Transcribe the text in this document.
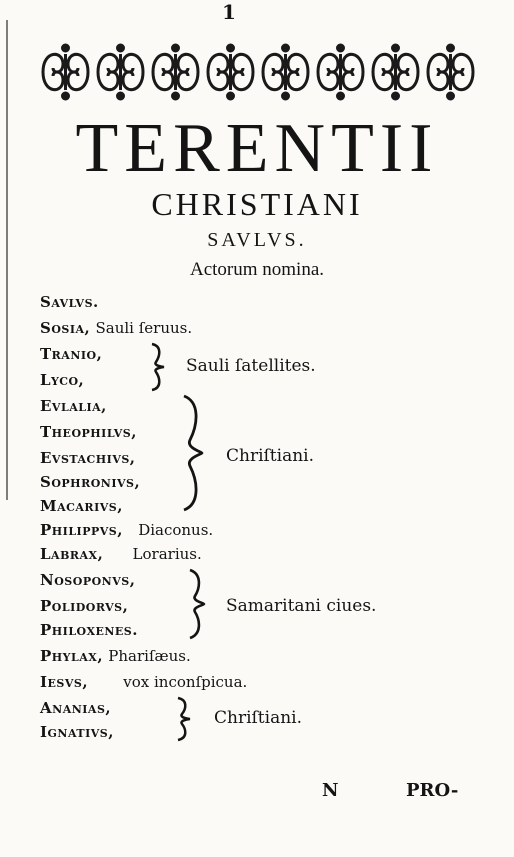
1
TERENTII
CHRISTIANI
SAVLVS.
Actorum nomina.
Savlvs.
Sosia, Sauli ſeruus.
Tranio,
Lyco,
Evlalia,
Theophilvs,
Evstachivs,
Sophronivs,
Macarivs,
Philippvs, Diaconus.
Labrax, Lorarius.
Nosoponvs,
Polidorvs,
Philoxenes.
Phylax, Phariſæus.
Iesvs, vox inconſpicua.
Ananias,
Ignativs,
Sauli ſatellites.
Chriſtiani.
Samaritani ciues.
Chriſtiani.
N	PRO-
